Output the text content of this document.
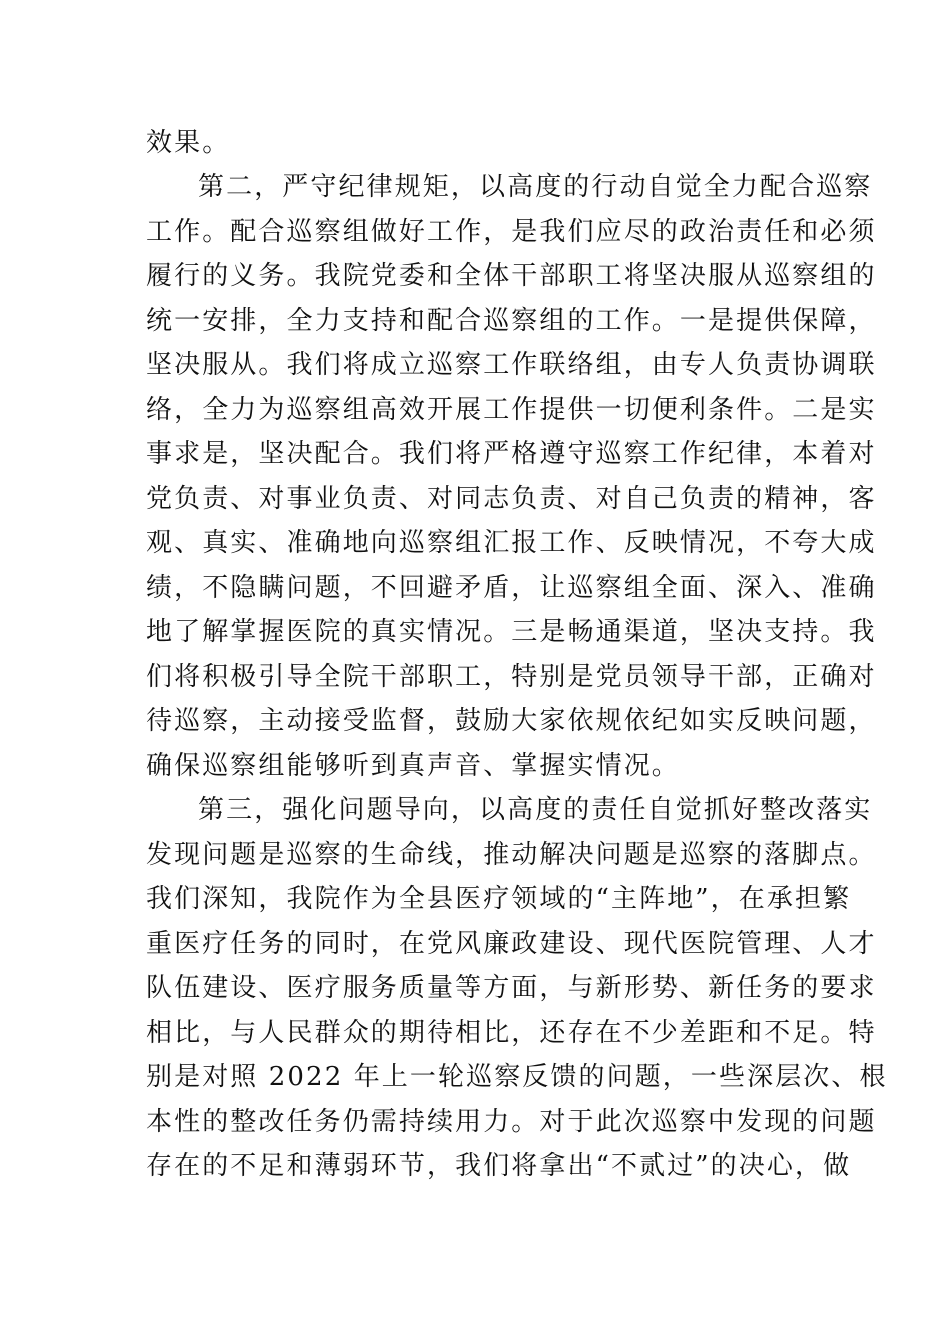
效果。
第二，严守纪律规矩，以高度的行动自觉全力配合巡察
工作。配合巡察组做好工作，是我们应尽的政治责任和必须
履行的义务。我院党委和全体干部职工将坚决服从巡察组的
统一安排，全力支持和配合巡察组的工作。一是提供保障，
坚决服从。我们将成立巡察工作联络组，由专人负责协调联
络，全力为巡察组高效开展工作提供一切便利条件。二是实
事求是，坚决配合。我们将严格遵守巡察工作纪律，本着对
党负责、对事业负责、对同志负责、对自己负责的精神，客
观、真实、准确地向巡察组汇报工作、反映情况，不夸大成
绩，不隐瞒问题，不回避矛盾，让巡察组全面、深入、准确
地了解掌握医院的真实情况。三是畅通渠道，坚决支持。我
们将积极引导全院干部职工，特别是党员领导干部，正确对
待巡察，主动接受监督，鼓励大家依规依纪如实反映问题，
确保巡察组能够听到真声音、掌握实情况。
第三，强化问题导向，以高度的责任自觉抓好整改落实
发现问题是巡察的生命线，推动解决问题是巡察的落脚点。
我们深知，我院作为全县医疗领域的“主阵地”，在承担繁
重医疗任务的同时，在党风廉政建设、现代医院管理、人才
队伍建设、医疗服务质量等方面，与新形势、新任务的要求
相比，与人民群众的期待相比，还存在不少差距和不足。特
别是对照 2022 年上一轮巡察反馈的问题，一些深层次、根
本性的整改任务仍需持续用力。对于此次巡察中发现的问题
存在的不足和薄弱环节，我们将拿出“不贰过”的决心，做
